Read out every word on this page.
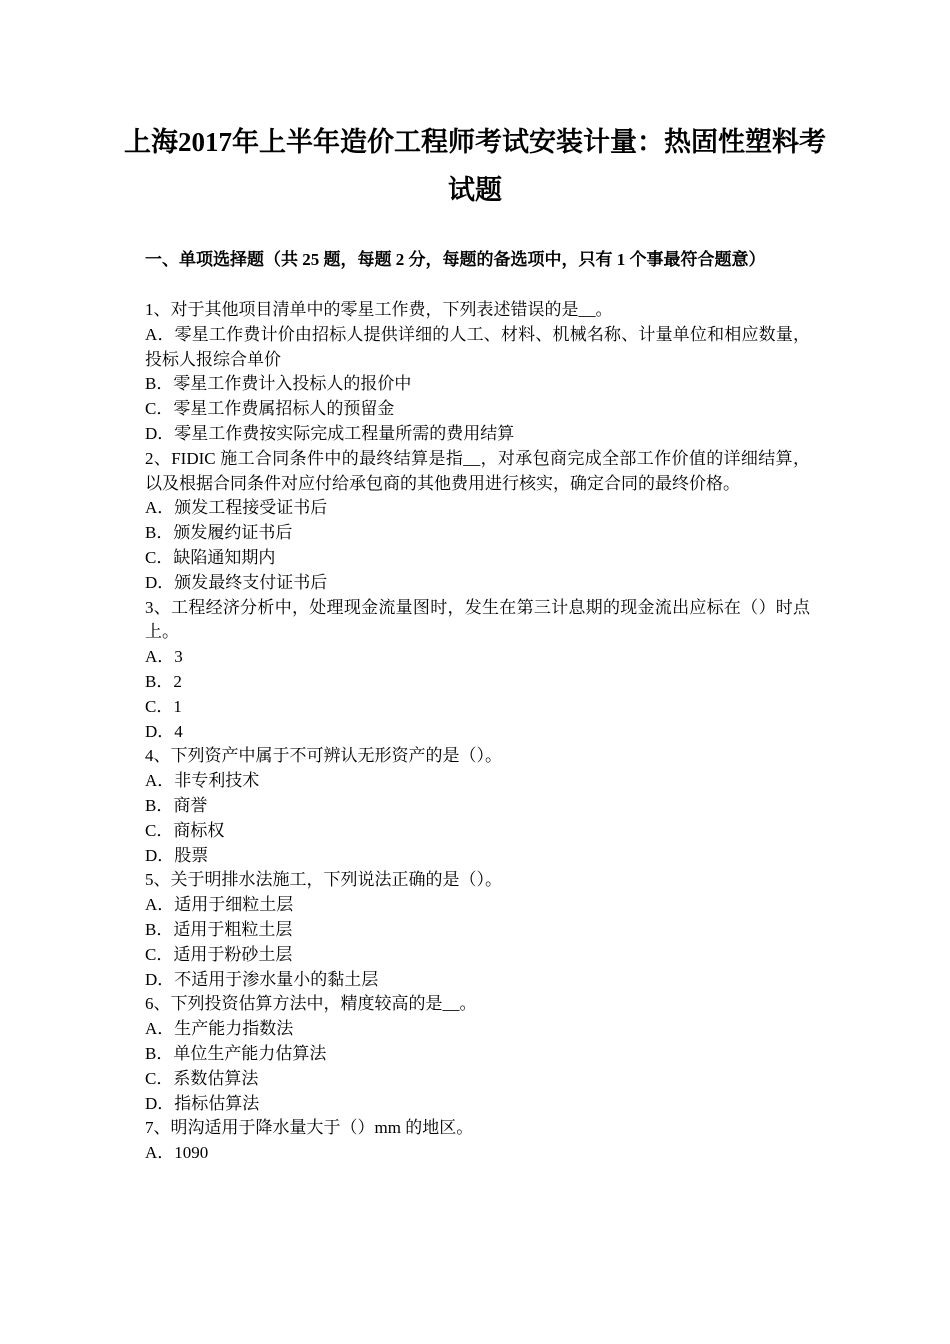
上海2017年上半年造价工程师考试安装计量：热固性塑料考试题
一、单项选择题（共 25 题，每题 2 分，每题的备选项中，只有 1 个事最符合题意）

1、对于其他项目清单中的零星工作费，下列表述错误的是__。

A．零星工作费计价由招标人提供详细的人工、材料、机械名称、计量单位和相应数量，投标人报综合单价

B．零星工作费计入投标人的报价中

C．零星工作费属招标人的预留金

D．零星工作费按实际完成工程量所需的费用结算

2、FIDIC 施工合同条件中的最终结算是指__，对承包商完成全部工作价值的详细结算，以及根据合同条件对应付给承包商的其他费用进行核实，确定合同的最终价格。

A．颁发工程接受证书后

B．颁发履约证书后

C．缺陷通知期内

D．颁发最终支付证书后

3、工程经济分析中，处理现金流量图时，发生在第三计息期的现金流出应标在（）时点上。

A．3

B．2

C．1

D．4

4、下列资产中属于不可辨认无形资产的是（）。

A．非专利技术

B．商誉

C．商标权

D．股票

5、关于明排水法施工，下列说法正确的是（）。

A．适用于细粒土层

B．适用于粗粒土层

C．适用于粉砂土层

D．不适用于渗水量小的黏土层

6、下列投资估算方法中，精度较高的是__。

A．生产能力指数法

B．单位生产能力估算法

C．系数估算法

D．指标估算法

7、明沟适用于降水量大于（）mm 的地区。

A．1090
